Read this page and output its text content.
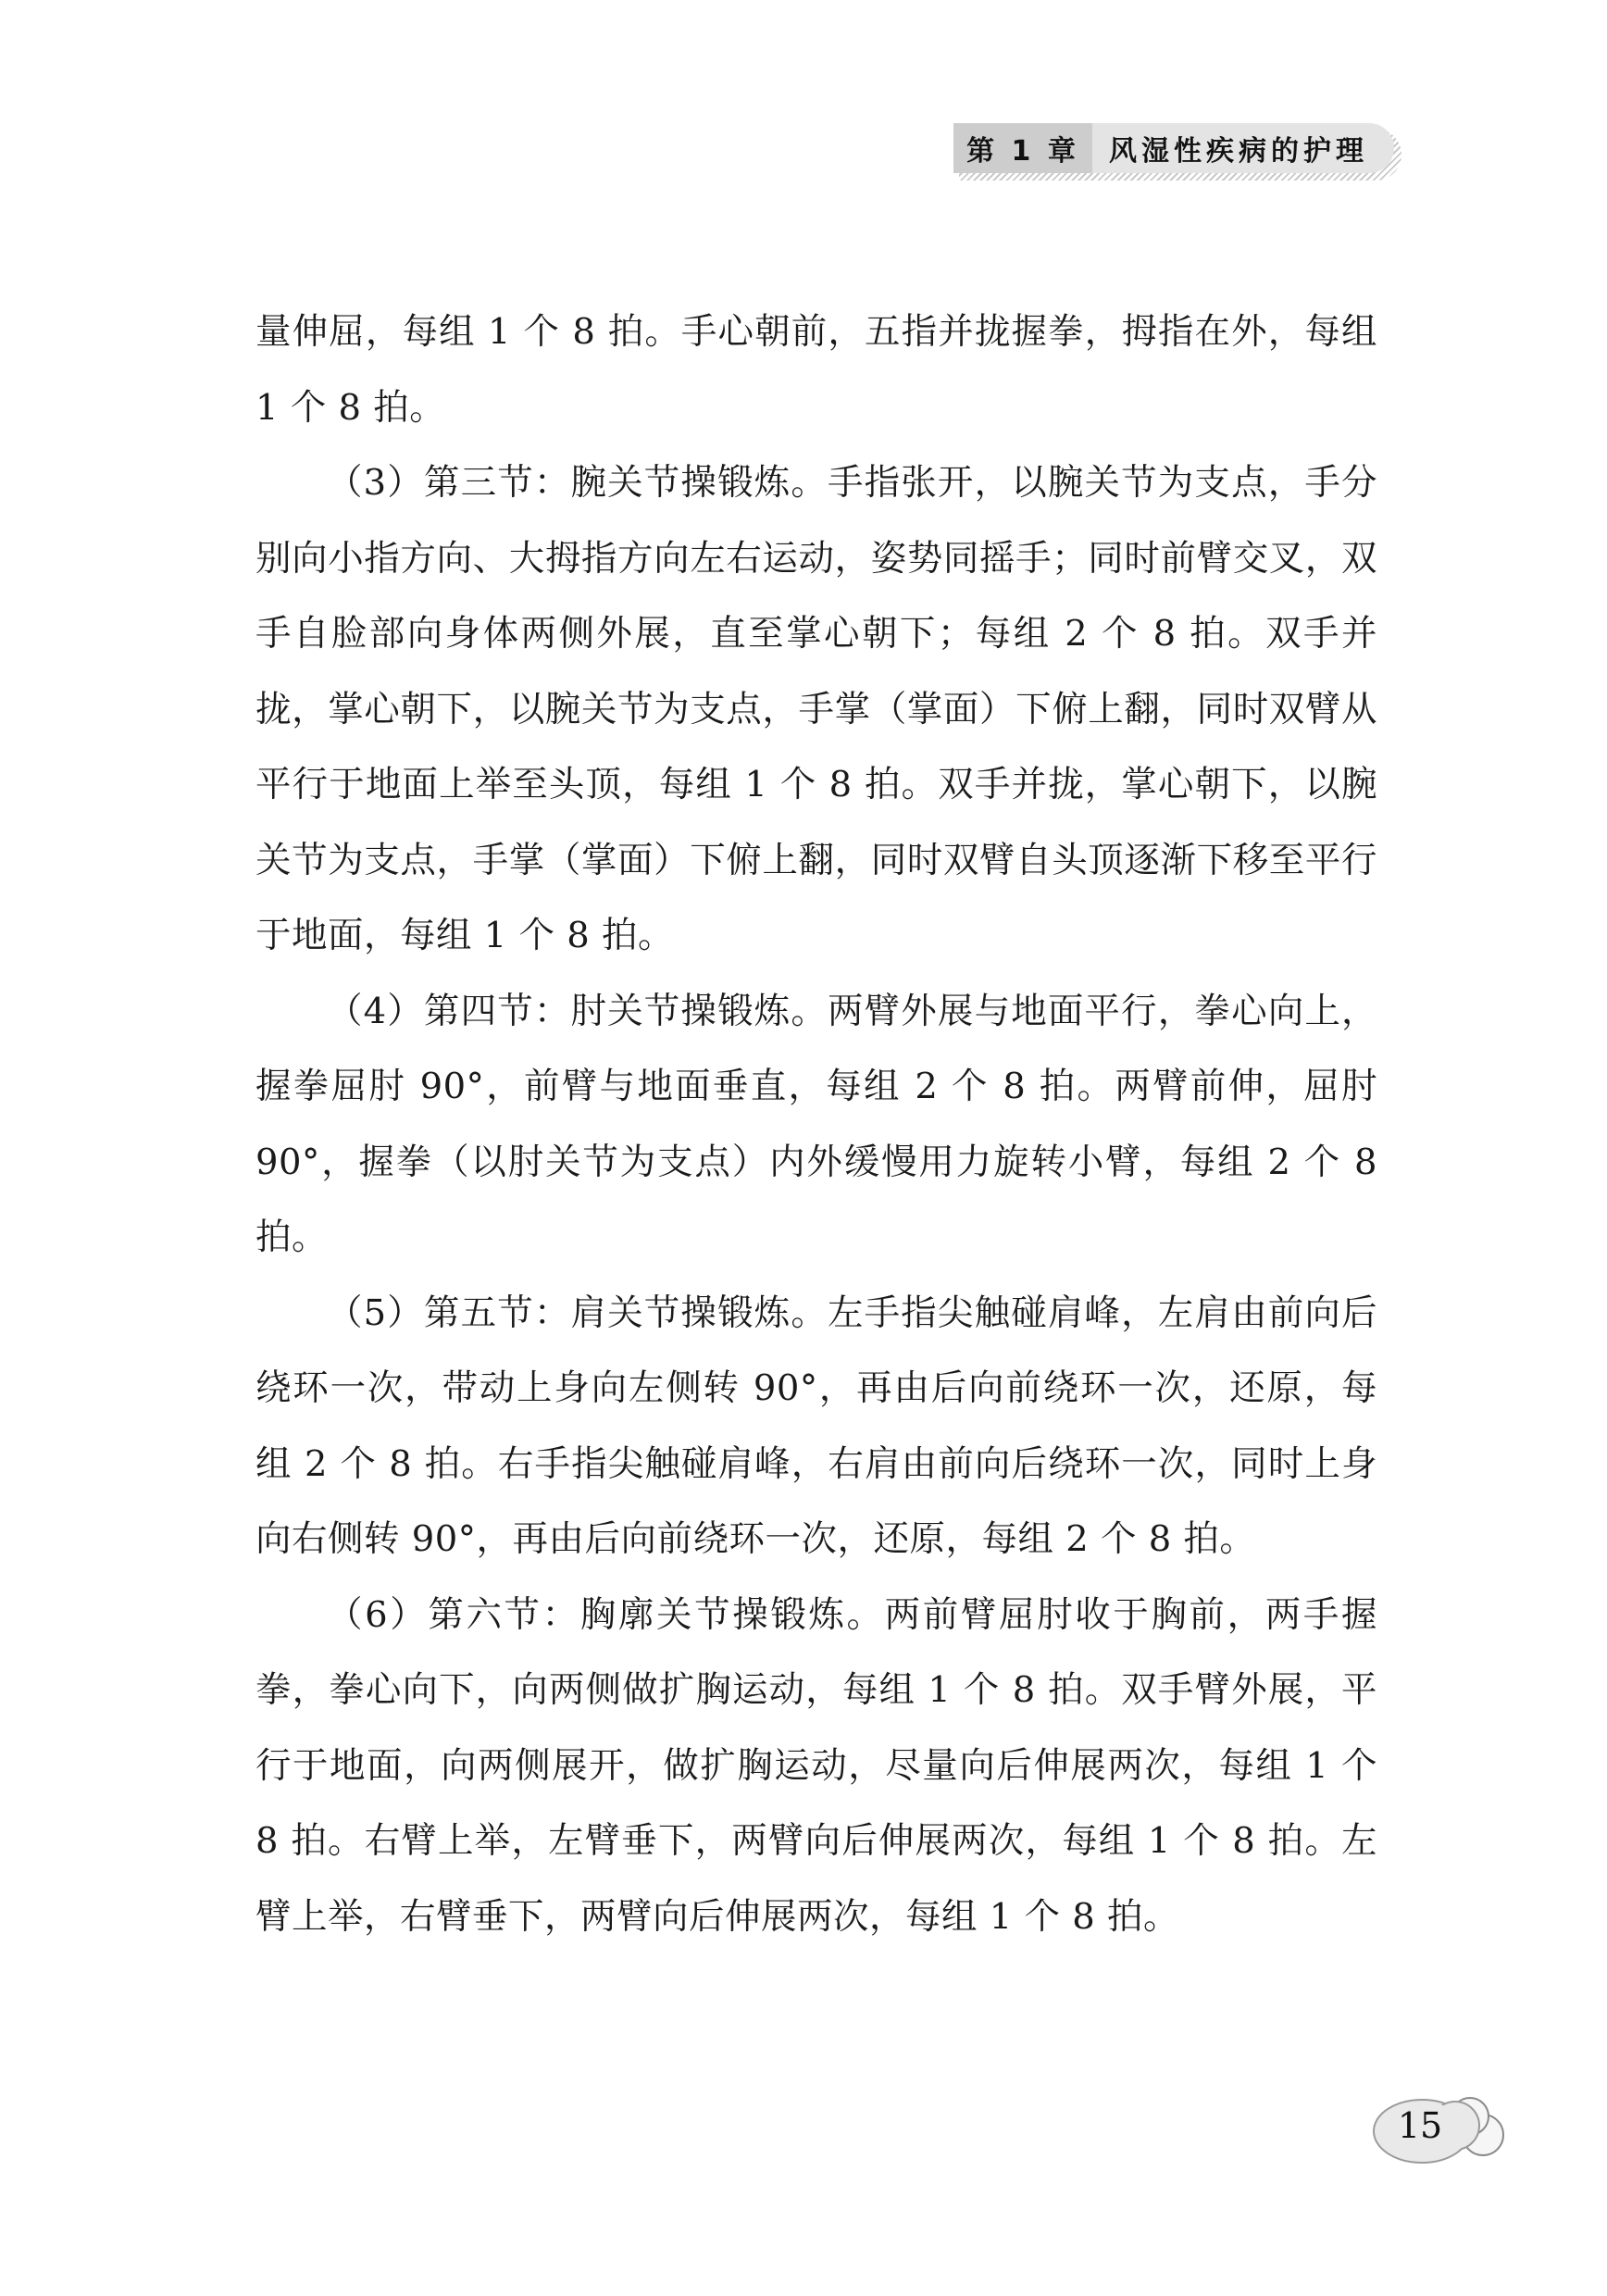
第 1 章	风湿性疾病的护理

量伸屈，每组 1 个 8 拍。手心朝前，五指并拢握拳，拇指在外，每组 1 个 8 拍。

（3）第三节：腕关节操锻炼。手指张开，以腕关节为支点，手分别向小指方向、大拇指方向左右运动，姿势同摇手；同时前臂交叉，双手自脸部向身体两侧外展，直至掌心朝下；每组 2 个 8 拍。双手并拢，掌心朝下，以腕关节为支点，手掌（掌面）下俯上翻，同时双臂从平行于地面上举至头顶，每组 1 个 8 拍。双手并拢，掌心朝下，以腕关节为支点，手掌（掌面）下俯上翻，同时双臂自头顶逐渐下移至平行于地面，每组 1 个 8 拍。

（4）第四节：肘关节操锻炼。两臂外展与地面平行，拳心向上，握拳屈肘 90°，前臂与地面垂直，每组 2 个 8 拍。两臂前伸，屈肘 90°，握拳（以肘关节为支点）内外缓慢用力旋转小臂，每组 2 个 8 拍。

（5）第五节：肩关节操锻炼。左手指尖触碰肩峰，左肩由前向后绕环一次，带动上身向左侧转 90°，再由后向前绕环一次，还原，每组 2 个 8 拍。右手指尖触碰肩峰，右肩由前向后绕环一次，同时上身向右侧转 90°，再由后向前绕环一次，还原，每组 2 个 8 拍。

（6）第六节：胸廓关节操锻炼。两前臂屈肘收于胸前，两手握拳，拳心向下，向两侧做扩胸运动，每组 1 个 8 拍。双手臂外展，平行于地面，向两侧展开，做扩胸运动，尽量向后伸展两次，每组 1 个 8 拍。右臂上举，左臂垂下，两臂向后伸展两次，每组 1 个 8 拍。左臂上举，右臂垂下，两臂向后伸展两次，每组 1 个 8 拍。

15
